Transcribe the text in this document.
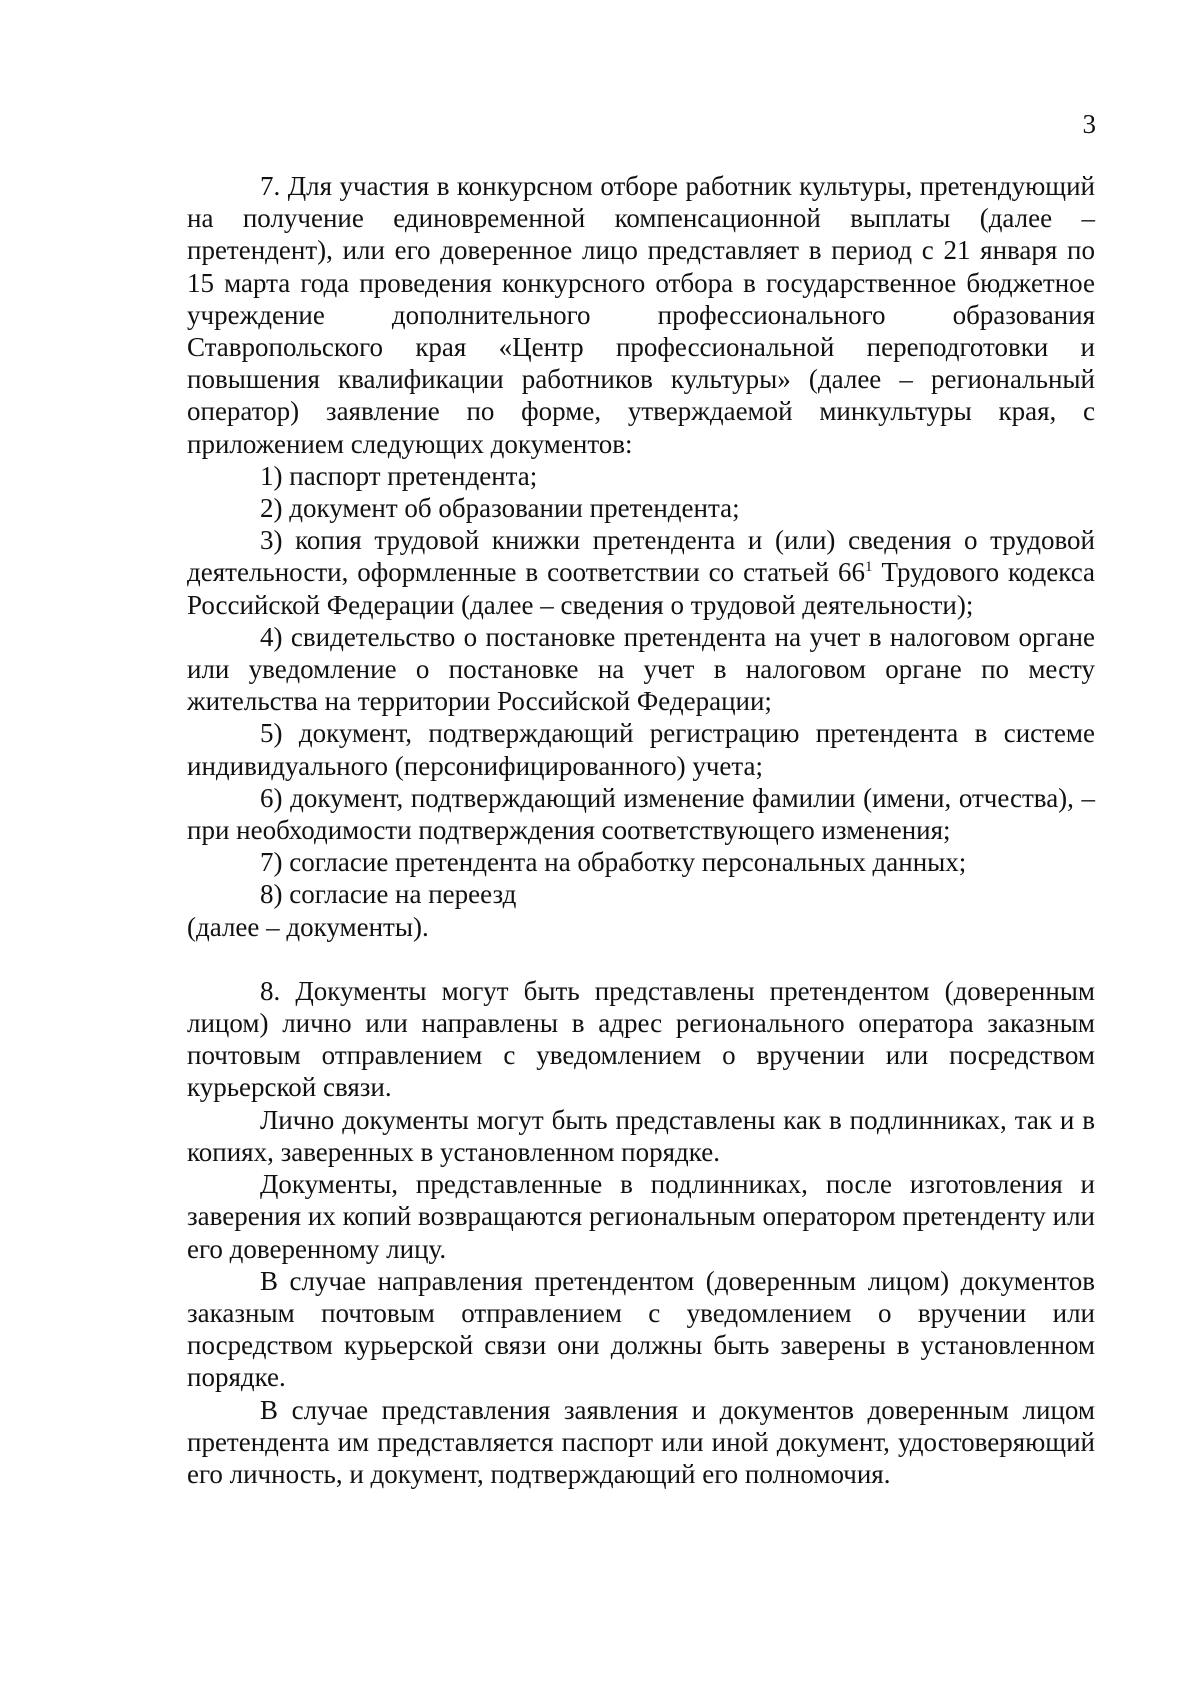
3

7. Для участия в конкурсном отборе работник культуры, претендующий на получение единовременной компенсационной выплаты (далее – претендент), или его доверенное лицо представляет в период с 21 января по 15 марта года проведения конкурсного отбора в государственное бюджетное учреждение дополнительного профессионального образования Ставропольского края «Центр профессиональной переподготовки и повышения квалификации работников культуры» (далее – региональный оператор) заявление по форме, утверждаемой минкультуры края, с приложением следующих документов:

1) паспорт претендента;

2) документ об образовании претендента;

3) копия трудовой книжки претендента и (или) сведения о трудовой деятельности, оформленные в соответствии со статьей $66^1$ Трудового кодекса Российской Федерации (далее – сведения о трудовой деятельности);

4) свидетельство о постановке претендента на учет в налоговом органе или уведомление о постановке на учет в налоговом органе по месту жительства на территории Российской Федерации;

5) документ, подтверждающий регистрацию претендента в системе индивидуального (персонифицированного) учета;

6) документ, подтверждающий изменение фамилии (имени, отчества), – при необходимости подтверждения соответствующего изменения;

7) согласие претендента на обработку персональных данных;

8) согласие на переезд

(далее – документы).

8. Документы могут быть представлены претендентом (доверенным лицом) лично или направлены в адрес регионального оператора заказным почтовым отправлением с уведомлением о вручении или посредством курьерской связи.

Лично документы могут быть представлены как в подлинниках, так и в копиях, заверенных в установленном порядке.

Документы, представленные в подлинниках, после изготовления и заверения их копий возвращаются региональным оператором претенденту или его доверенному лицу.

В случае направления претендентом (доверенным лицом) документов заказным почтовым отправлением с уведомлением о вручении или посредством курьерской связи они должны быть заверены в установленном порядке.

В случае представления заявления и документов доверенным лицом претендента им представляется паспорт или иной документ, удостоверяющий его личность, и документ, подтверждающий его полномочия.
